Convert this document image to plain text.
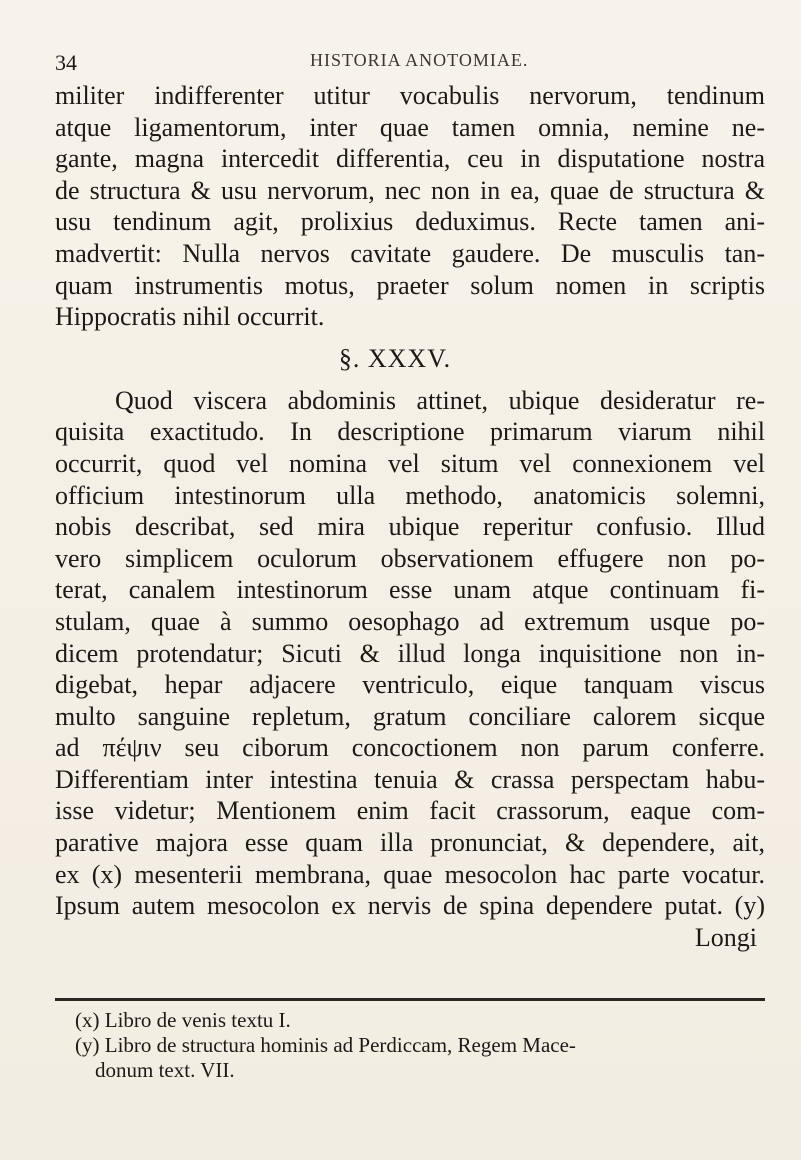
34	HISTORIA ANOTOMIAE.
militer indifferenter utitur vocabulis nervorum, tendinum
atque ligamentorum, inter quae tamen omnia, nemine ne-
gante, magna intercedit differentia, ceu in disputatione nostra
de structura & usu nervorum, nec non in ea, quae de structura &
usu tendinum agit, prolixius deduximus. Recte tamen ani-
madvertit: Nulla nervos cavitate gaudere. De musculis tan-
quam instrumentis motus, praeter solum nomen in scriptis
Hippocratis nihil occurrit.
§. XXXV.
Quod viscera abdominis attinet, ubique desideratur re-
quisita exactitudo. In descriptione primarum viarum nihil
occurrit, quod vel nomina vel situm vel connexionem vel
officium intestinorum ulla methodo, anatomicis solemni,
nobis describat, sed mira ubique reperitur confusio. Illud
vero simplicem oculorum observationem effugere non po-
terat, canalem intestinorum esse unam atque continuam fi-
stulam, quae à summo oesophago ad extremum usque po-
dicem protendatur; Sicuti & illud longa inquisitione non in-
digebat, hepar adjacere ventriculo, eique tanquam viscus
multo sanguine repletum, gratum conciliare calorem sicque
ad πέψιν seu ciborum concoctionem non parum conferre.
Differentiam inter intestina tenuia & crassa perspectam habu-
isse videtur; Mentionem enim facit crassorum, eaque com-
parative majora esse quam illa pronunciat, & dependere, ait,
ex (x) mesenterii membrana, quae mesocolon hac parte vocatur.
Ipsum autem mesocolon ex nervis de spina dependere putat. (y)
Longi
(x) Libro de venis textu I.
(y) Libro de structura hominis ad Perdiccam, Regem Mace-
donum text. VII.
